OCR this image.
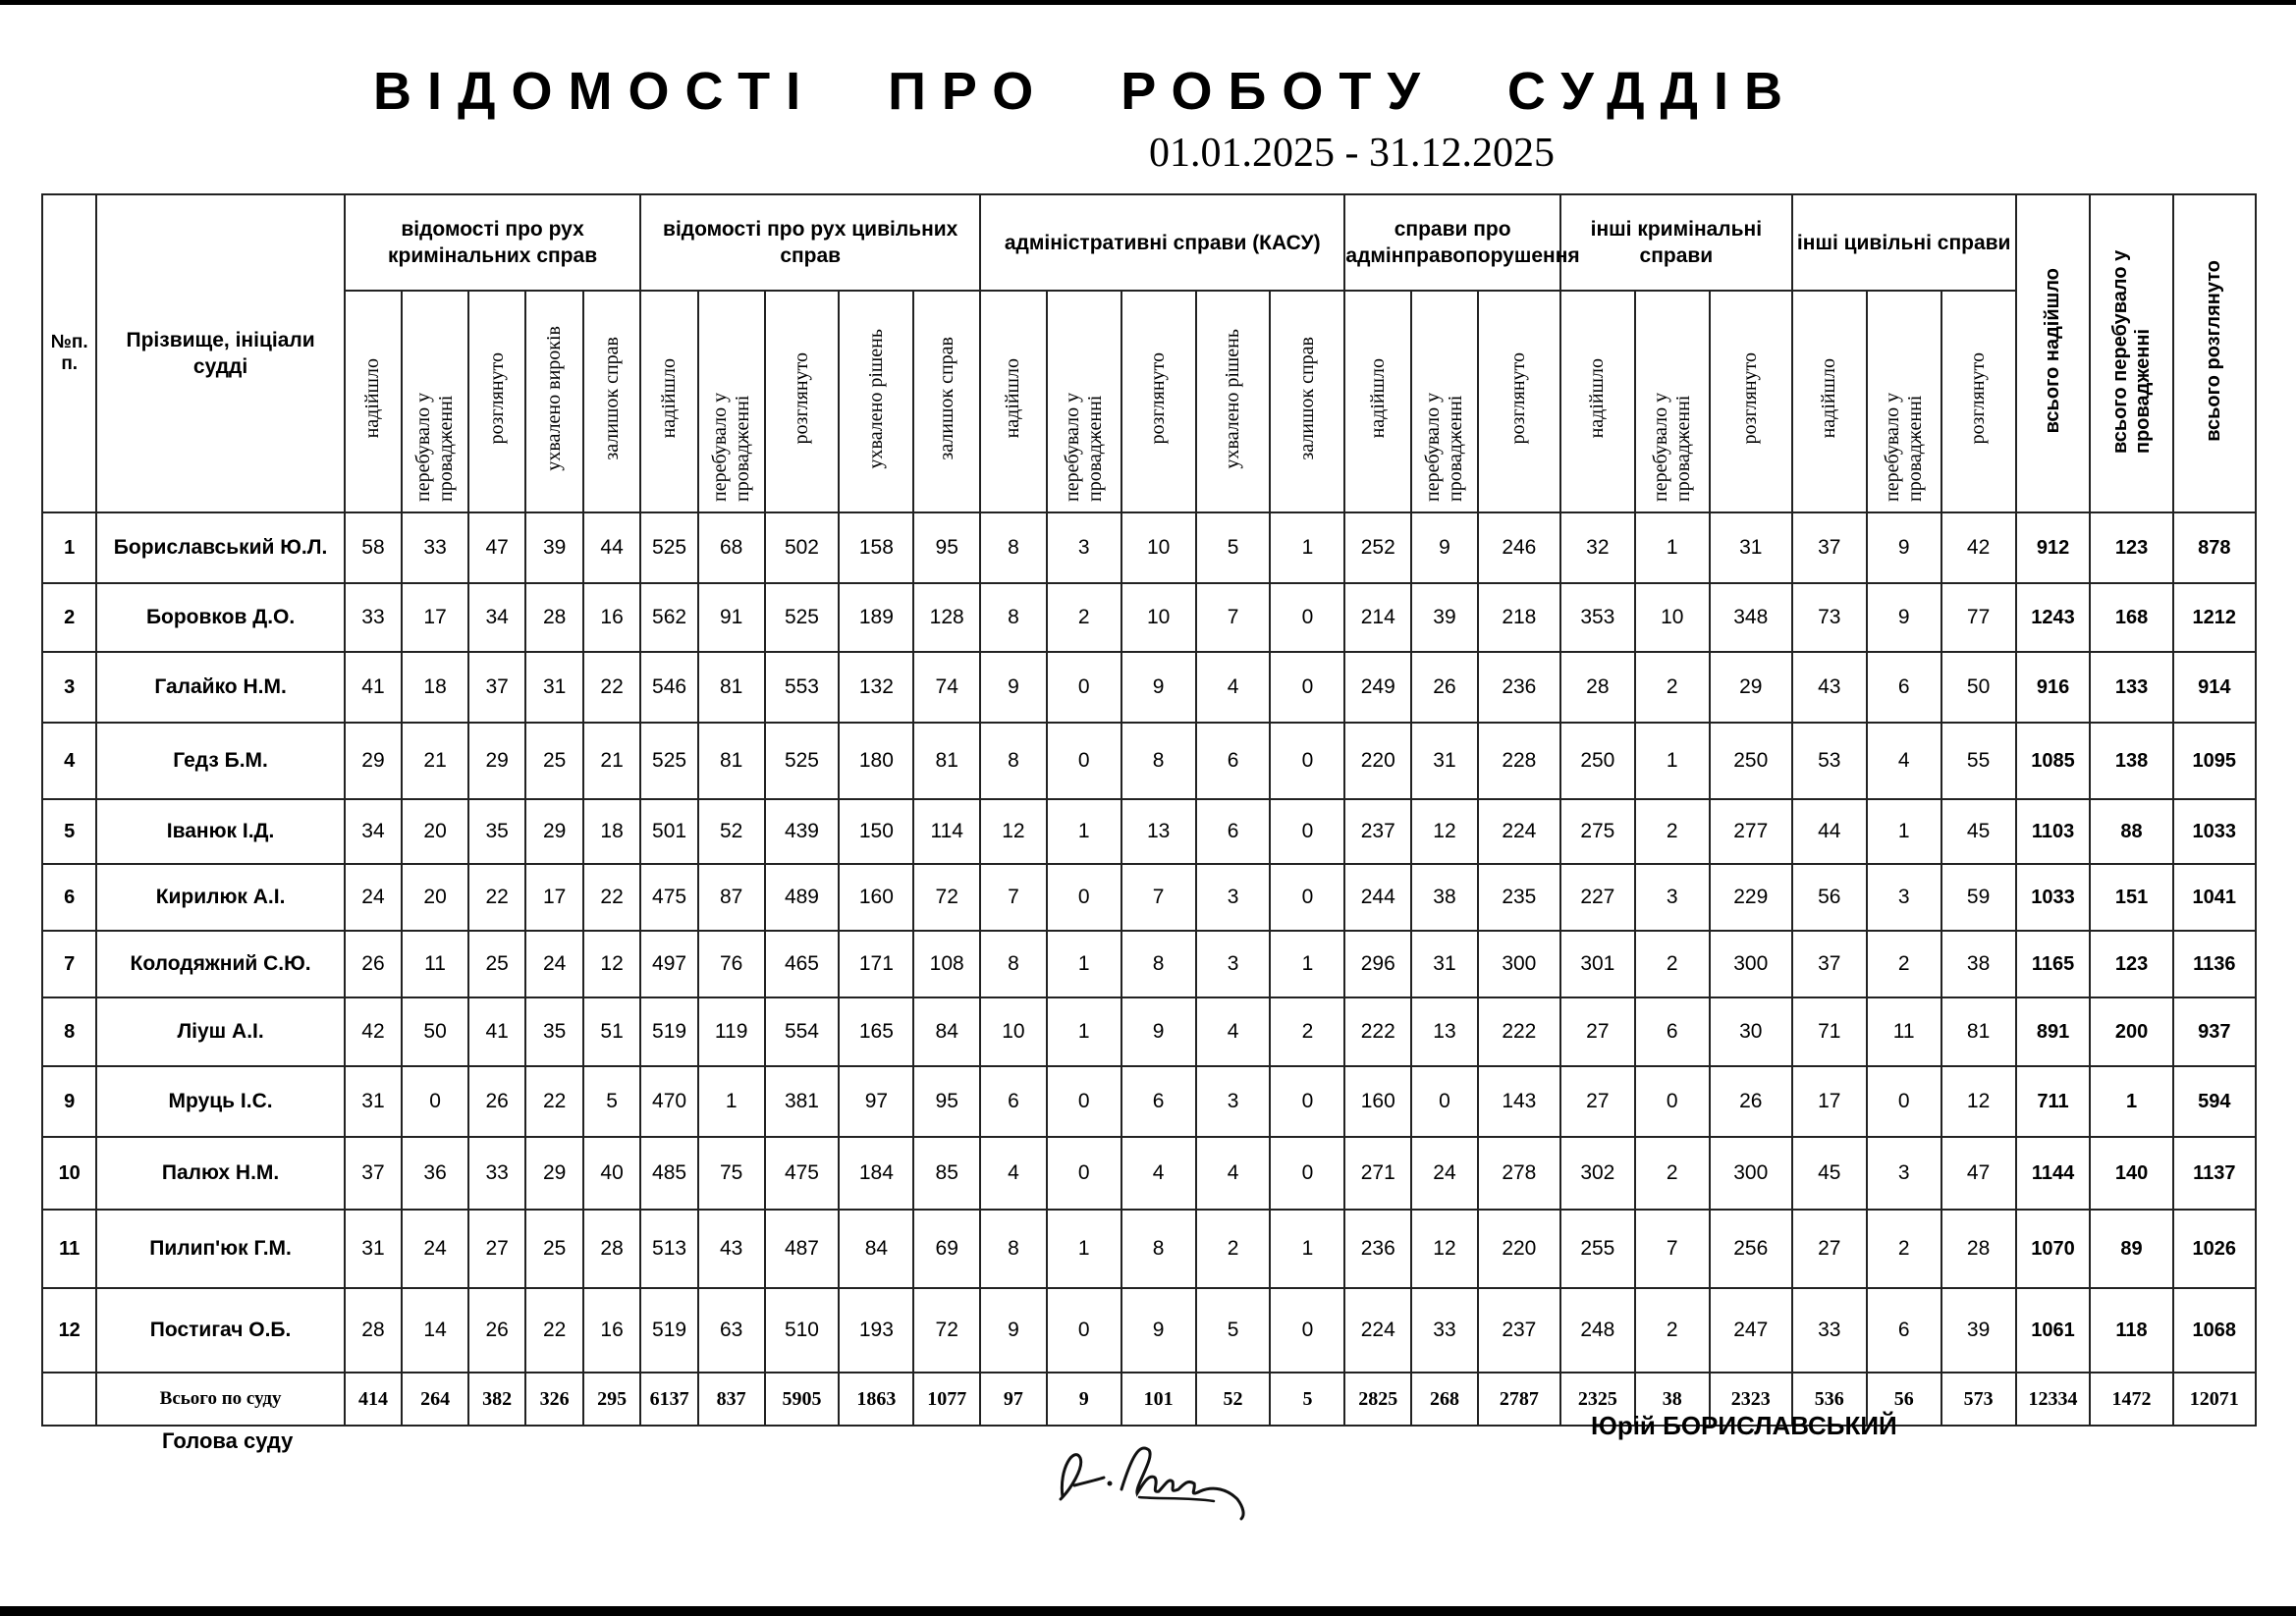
ВІДОМОСТІ ПРО РОБОТУ СУДДІВ
01.01.2025 - 31.12.2025
№п. п.	Прізвище, ініціали судді	відомості про рух кримінальних справ					відомості про рух цивільних справ					адміністративні справи (КАСУ)					справи про адмінправопорушення			інші кримінальні справи			інші цивільні справи			всього надійшло	всього перебувало у провадженні	всього розглянуто
		надійшло	перебувало у провадженні	розглянуто	ухвалено вироків	залишок справ	надійшло	перебувало у провадженні	розглянуто	ухвалено рішень	залишок справ	надійшло	перебувало у провадженні	розглянуто	ухвалено рішень	залишок справ	надійшло	перебувало у провадженні	розглянуто	надійшло	перебувало у провадженні	розглянуто	надійшло	перебувало у провадженні	розглянуто			
1	Бориславський Ю.Л.	58	33	47	39	44	525	68	502	158	95	8	3	10	5	1	252	9	246	32	1	31	37	9	42	912	123	878
2	Боровков Д.О.	33	17	34	28	16	562	91	525	189	128	8	2	10	7	0	214	39	218	353	10	348	73	9	77	1243	168	1212
3	Галайко Н.М.	41	18	37	31	22	546	81	553	132	74	9	0	9	4	0	249	26	236	28	2	29	43	6	50	916	133	914
4	Гедз Б.М.	29	21	29	25	21	525	81	525	180	81	8	0	8	6	0	220	31	228	250	1	250	53	4	55	1085	138	1095
5	Іванюк І.Д.	34	20	35	29	18	501	52	439	150	114	12	1	13	6	0	237	12	224	275	2	277	44	1	45	1103	88	1033
6	Кирилюк А.І.	24	20	22	17	22	475	87	489	160	72	7	0	7	3	0	244	38	235	227	3	229	56	3	59	1033	151	1041
7	Колодяжний С.Ю.	26	11	25	24	12	497	76	465	171	108	8	1	8	3	1	296	31	300	301	2	300	37	2	38	1165	123	1136
8	Ліуш А.І.	42	50	41	35	51	519	119	554	165	84	10	1	9	4	2	222	13	222	27	6	30	71	11	81	891	200	937
9	Мруць І.С.	31	0	26	22	5	470	1	381	97	95	6	0	6	3	0	160	0	143	27	0	26	17	0	12	711	1	594
10	Палюх Н.М.	37	36	33	29	40	485	75	475	184	85	4	0	4	4	0	271	24	278	302	2	300	45	3	47	1144	140	1137
11	Пилип'юк Г.М.	31	24	27	25	28	513	43	487	84	69	8	1	8	2	1	236	12	220	255	7	256	27	2	28	1070	89	1026
12	Постигач О.Б.	28	14	26	22	16	519	63	510	193	72	9	0	9	5	0	224	33	237	248	2	247	33	6	39	1061	118	1068
	Всього по суду	414	264	382	326	295	6137	837	5905	1863	1077	97	9	101	52	5	2825	268	2787	2325	38	2323	536	56	573	12334	1472	12071
Голова суду
Юрій БОРИСЛАВСЬКИЙ
